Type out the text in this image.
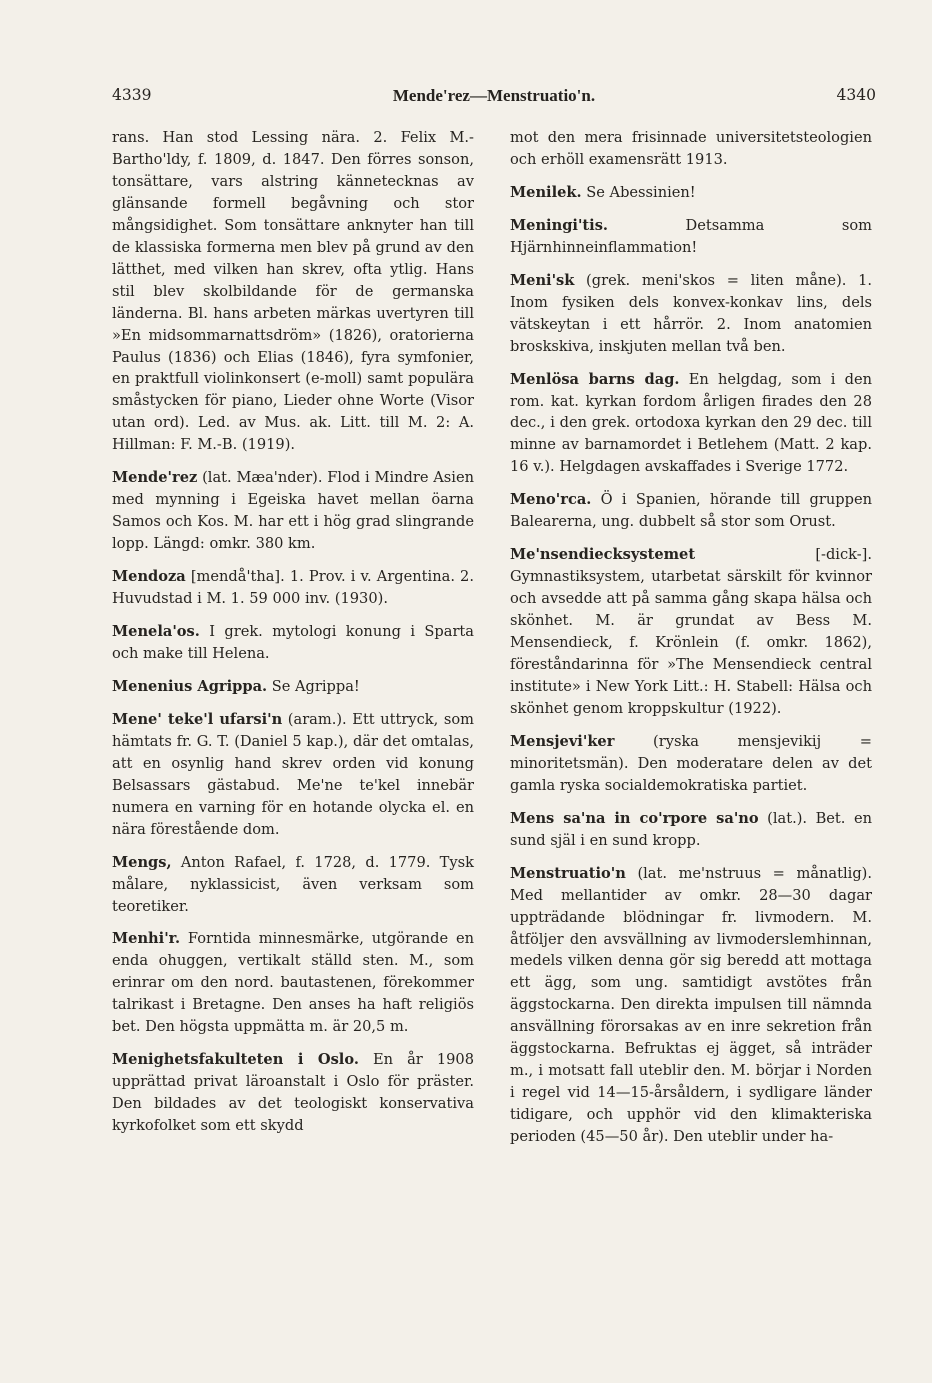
4339	Mende'rez—Menstruatio'n.	4340

rans. Han stod Lessing nära. 2. Felix M.-Bartho'ldy, f. 1809, d. 1847. Den förres sonson, tonsättare, vars alstring kännetecknas av glänsande formell begåvning och stor mångsidighet. Som tonsättare anknyter han till de klassiska formerna men blev på grund av den lätthet, med vilken han skrev, ofta ytlig. Hans stil blev skolbildande för de germanska länderna. Bl. hans arbeten märkas uvertyren till »En midsommarnattsdröm» (1826), oratorierna Paulus (1836) och Elias (1846), fyra symfonier, en praktfull violinkonsert (e-moll) samt populära småstycken för piano, Lieder ohne Worte (Visor utan ord). Led. av Mus. ak. Litt. till M. 2: A. Hillman: F. M.-B. (1919).

Mende'rez (lat. Mæa'nder). Flod i Mindre Asien med mynning i Egeiska havet mellan öarna Samos och Kos. M. har ett i hög grad slingrande lopp. Längd: omkr. 380 km.

Mendoza [mendå'tha]. 1. Prov. i v. Argentina. 2. Huvudstad i M. 1. 59 000 inv. (1930).

Menela'os. I grek. mytologi konung i Sparta och make till Helena.

Menenius Agrippa. Se Agrippa!

Mene' teke'l ufarsi'n (aram.). Ett uttryck, som hämtats fr. G. T. (Daniel 5 kap.), där det omtalas, att en osynlig hand skrev orden vid konung Belsassars gästabud. Me'ne te'kel innebär numera en varning för en hotande olycka el. en nära förestående dom.

Mengs, Anton Rafael, f. 1728, d. 1779. Tysk målare, nyklassicist, även verksam som teoretiker.

Menhi'r. Forntida minnesmärke, utgörande en enda ohuggen, vertikalt ställd sten. M., som erinrar om den nord. bautastenen, förekommer talrikast i Bretagne. Den anses ha haft religiös bet. Den högsta uppmätta m. är 20,5 m.

Menighetsfakulteten i Oslo. En år 1908 upprättad privat läroanstalt i Oslo för präster. Den bildades av det teologiskt konservativa kyrkofolket som ett skydd

mot den mera frisinnade universitetsteologien och erhöll examensrätt 1913.

Menilek. Se Abessinien!

Meningi'tis. Detsamma som Hjärnhinneinflammation!

Meni'sk (grek. meni'skos = liten måne). 1. Inom fysiken dels konvex-konkav lins, dels vätskeytan i ett hårrör. 2. Inom anatomien broskskiva, inskjuten mellan två ben.

Menlösa barns dag. En helgdag, som i den rom. kat. kyrkan fordom årligen firades den 28 dec., i den grek. ortodoxa kyrkan den 29 dec. till minne av barnamordet i Betlehem (Matt. 2 kap. 16 v.). Helgdagen avskaffades i Sverige 1772.

Meno'rca. Ö i Spanien, hörande till gruppen Balearerna, ung. dubbelt så stor som Orust.

Me'nsendiecksystemet [-dick-]. Gymnastiksystem, utarbetat särskilt för kvinnor och avsedde att på samma gång skapa hälsa och skönhet. M. är grundat av Bess M. Mensendieck, f. Krönlein (f. omkr. 1862), föreståndarinna för »The Mensendieck central institute» i New York Litt.: H. Stabell: Hälsa och skönhet genom kroppskultur (1922).

Mensjevi'ker (ryska mensjevikij = minoritetsmän). Den moderatare delen av det gamla ryska socialdemokratiska partiet.

Mens sa'na in co'rpore sa'no (lat.). Bet. en sund själ i en sund kropp.

Menstruatio'n (lat. me'nstruus = månatlig). Med mellantider av omkr. 28—30 dagar uppträdande blödningar fr. livmodern. M. åtföljer den avsvällning av livmoderslemhinnan, medels vilken denna gör sig beredd att mottaga ett ägg, som ung. samtidigt avstötes från äggstockarna. Den direkta impulsen till nämnda ansvällning förorsakas av en inre sekretion från äggstockarna. Befruktas ej ägget, så inträder m., i motsatt fall uteblir den. M. börjar i Norden i regel vid 14—15-årsåldern, i sydligare länder tidigare, och upphör vid den klimakteriska perioden (45—50 år). Den uteblir under ha-
